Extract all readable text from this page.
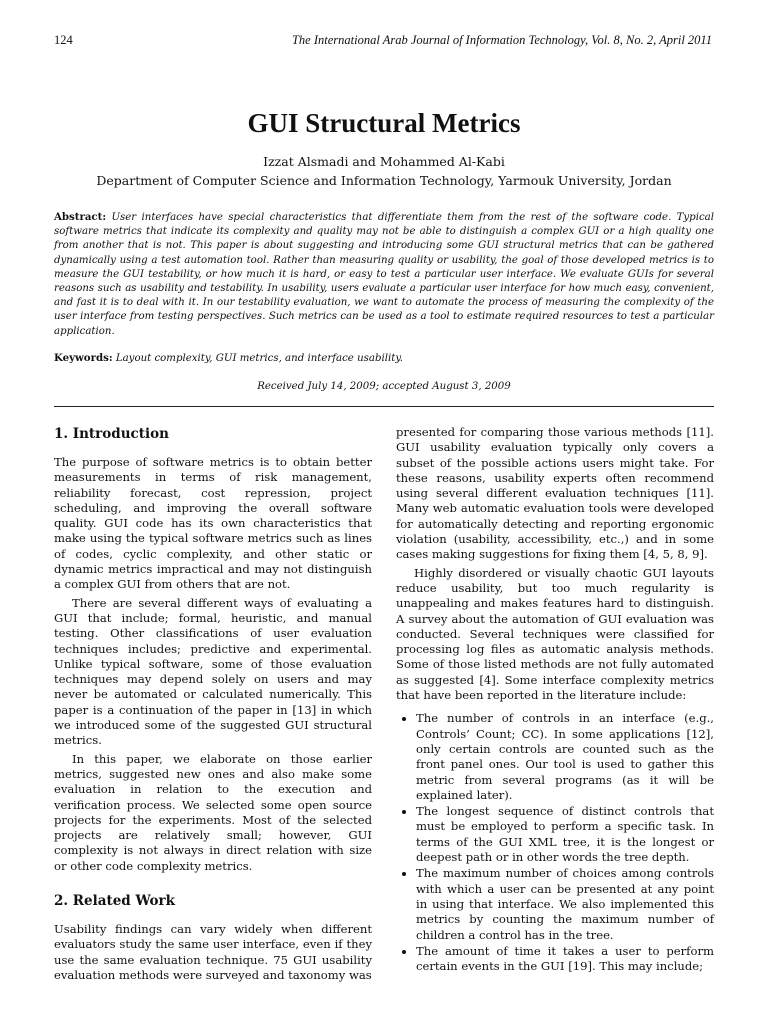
124	The International Arab Journal of Information Technology, Vol. 8, No. 2, April 2011
GUI Structural Metrics
Izzat Alsmadi and Mohammed Al-Kabi
Department of Computer Science and Information Technology, Yarmouk University, Jordan
Abstract: User interfaces have special characteristics that differentiate them from the rest of the software code. Typical software metrics that indicate its complexity and quality may not be able to distinguish a complex GUI or a high quality one from another that is not. This paper is about suggesting and introducing some GUI structural metrics that can be gathered dynamically using a test automation tool. Rather than measuring quality or usability, the goal of those developed metrics is to measure the GUI testability, or how much it is hard, or easy to test a particular user interface. We evaluate GUIs for several reasons such as usability and testability. In usability, users evaluate a particular user interface for how much easy, convenient, and fast it is to deal with it. In our testability evaluation, we want to automate the process of measuring the complexity of the user interface from testing perspectives. Such metrics can be used as a tool to estimate required resources to test a particular application.
Keywords: Layout complexity, GUI metrics, and interface usability.
Received July 14, 2009; accepted August 3, 2009
1. Introduction

The purpose of software metrics is to obtain better measurements in terms of risk management, reliability forecast, cost repression, project scheduling, and improving the overall software quality. GUI code has its own characteristics that make using the typical software metrics such as lines of codes, cyclic complexity, and other static or dynamic metrics impractical and may not distinguish a complex GUI from others that are not.

There are several different ways of evaluating a GUI that include; formal, heuristic, and manual testing. Other classifications of user evaluation techniques includes; predictive and experimental. Unlike typical software, some of those evaluation techniques may depend solely on users and may never be automated or calculated numerically. This paper is a continuation of the paper in [13] in which we introduced some of the suggested GUI structural metrics.

In this paper, we elaborate on those earlier metrics, suggested new ones and also make some evaluation in relation to the execution and verification process. We selected some open source projects for the experiments. Most of the selected projects are relatively small; however, GUI complexity is not always in direct relation with size or other code complexity metrics.

2. Related Work

Usability findings can vary widely when different evaluators study the same user interface, even if they use the same evaluation technique. 75 GUI usability evaluation methods were surveyed and taxonomy was

presented for comparing those various methods [11]. GUI usability evaluation typically only covers a subset of the possible actions users might take. For these reasons, usability experts often recommend using several different evaluation techniques [11]. Many web automatic evaluation tools were developed for automatically detecting and reporting ergonomic violation (usability, accessibility, etc.,) and in some cases making suggestions for fixing them [4, 5, 8, 9].

Highly disordered or visually chaotic GUI layouts reduce usability, but too much regularity is unappealing and makes features hard to distinguish. A survey about the automation of GUI evaluation was conducted. Several techniques were classified for processing log files as automatic analysis methods. Some of those listed methods are not fully automated as suggested [4]. Some interface complexity metrics that have been reported in the literature include:

• The number of controls in an interface (e.g., Controls’ Count; CC). In some applications [12], only certain controls are counted such as the front panel ones. Our tool is used to gather this metric from several programs (as it will be explained later).
• The longest sequence of distinct controls that must be employed to perform a specific task. In terms of the GUI XML tree, it is the longest or deepest path or in other words the tree depth.
• The maximum number of choices among controls with which a user can be presented at any point in using that interface. We also implemented this metrics by counting the maximum number of children a control has in the tree.
• The amount of time it takes a user to perform certain events in the GUI [19]. This may include;
